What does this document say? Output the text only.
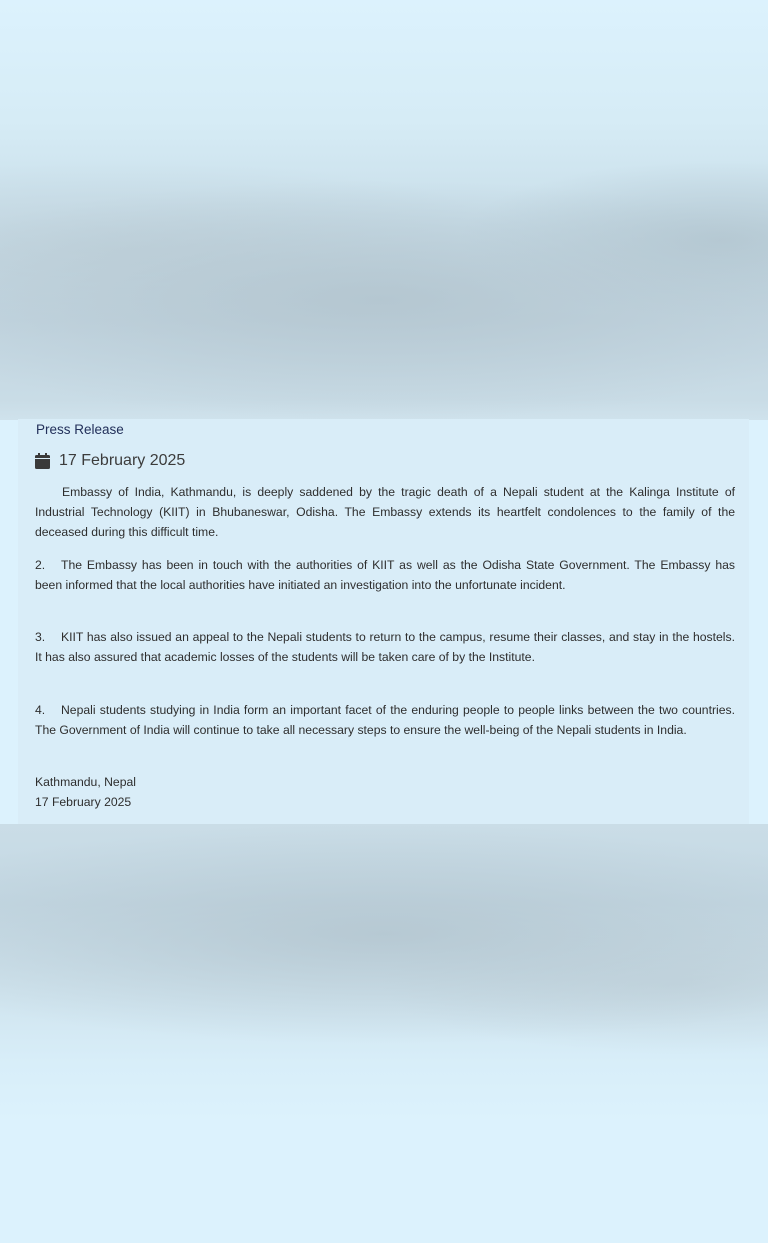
Press Release
17 February 2025
Embassy of India, Kathmandu, is deeply saddened by the tragic death of a Nepali student at the Kalinga Institute of Industrial Technology (KIIT) in Bhubaneswar, Odisha. The Embassy extends its heartfelt condolences to the family of the deceased during this difficult time.
2. The Embassy has been in touch with the authorities of KIIT as well as the Odisha State Government. The Embassy has been informed that the local authorities have initiated an investigation into the unfortunate incident.
3. KIIT has also issued an appeal to the Nepali students to return to the campus, resume their classes, and stay in the hostels. It has also assured that academic losses of the students will be taken care of by the Institute.
4. Nepali students studying in India form an important facet of the enduring people to people links between the two countries. The Government of India will continue to take all necessary steps to ensure the well-being of the Nepali students in India.
Kathmandu, Nepal
17 February 2025
